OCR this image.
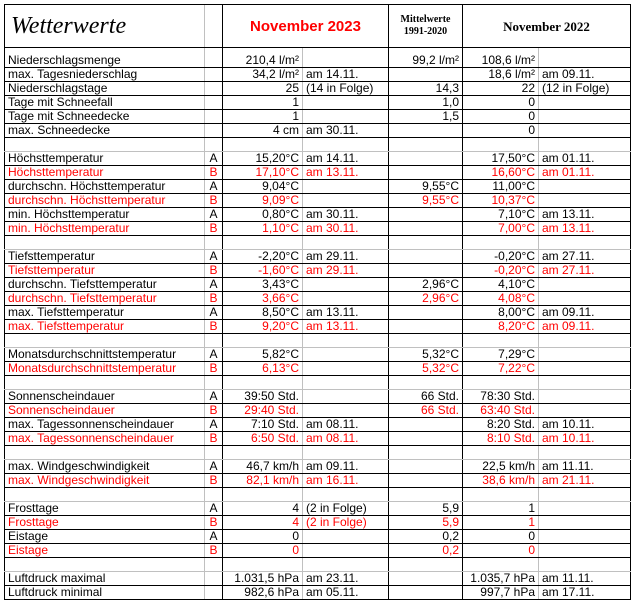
Wetterwerte		November 2023		Mittelwerte
1991-2020	November 2022	

Niederschlagsmenge		210,4 l/m²		99,2 l/m²	108,6 l/m²	
max. Tagesniederschlag		34,2 l/m²	am 14.11.		18,6 l/m²	am 09.11.
Niederschlagstage		25	(14 in Folge)	14,3	22	(12 in Folge)
Tage mit Schneefall		1		1,0	0	
Tage mit Schneedecke		1		1,5	0	
max. Schneedecke		4 cm	am 30.11.		0	

Höchsttemperatur	A	15,20°C	am 14.11.		17,50°C	am 01.11.
Höchsttemperatur	B	17,10°C	am 13.11.		16,60°C	am 01.11.
durchschn. Höchsttemperatur	A	9,04°C		9,55°C	11,00°C	
durchschn. Höchsttemperatur	B	9,09°C		9,55°C	10,37°C	
min. Höchsttemperatur	A	0,80°C	am 30.11.		7,10°C	am 13.11.
min. Höchsttemperatur	B	1,10°C	am 30.11.		7,00°C	am 13.11.

Tiefsttemperatur	A	-2,20°C	am 29.11.		-0,20°C	am 27.11.
Tiefsttemperatur	B	-1,60°C	am 29.11.		-0,20°C	am 27.11.
durchschn. Tiefsttemperatur	A	3,43°C		2,96°C	4,10°C	
durchschn. Tiefsttemperatur	B	3,66°C		2,96°C	4,08°C	
max. Tiefsttemperatur	A	8,50°C	am 13.11.		8,00°C	am 09.11.
max. Tiefsttemperatur	B	9,20°C	am 13.11.		8,20°C	am 09.11.

Monatsdurchschnittstemperatur	A	5,82°C		5,32°C	7,29°C	
Monatsdurchschnittstemperatur	B	6,13°C		5,32°C	7,22°C	

Sonnenscheindauer	A	39:50 Std.		66 Std.	78:30 Std.	
Sonnenscheindauer	B	29:40 Std.		66 Std.	63:40 Std.	
max. Tagessonnenscheindauer	A	7:10 Std.	am 08.11.		8:20 Std.	am 10.11.
max. Tagessonnenscheindauer	B	6:50 Std.	am 08.11.		8:10 Std.	am 10.11.

max. Windgeschwindigkeit	A	46,7 km/h	am 09.11.		22,5 km/h	am 11.11.
max. Windgeschwindigkeit	B	82,1 km/h	am 16.11.		38,6 km/h	am 21.11.

Frosttage	A	4	(2 in Folge)	5,9	1	
Frosttage	B	4	(2 in Folge)	5,9	1	
Eistage	A	0		0,2	0	
Eistage	B	0		0,2	0	

Luftdruck maximal		1.031,5 hPa	am 23.11.		1.035,7 hPa	am 11.11.
Luftdruck minimal		982,6 hPa	am 05.11.		997,7 hPa	am 17.11.
